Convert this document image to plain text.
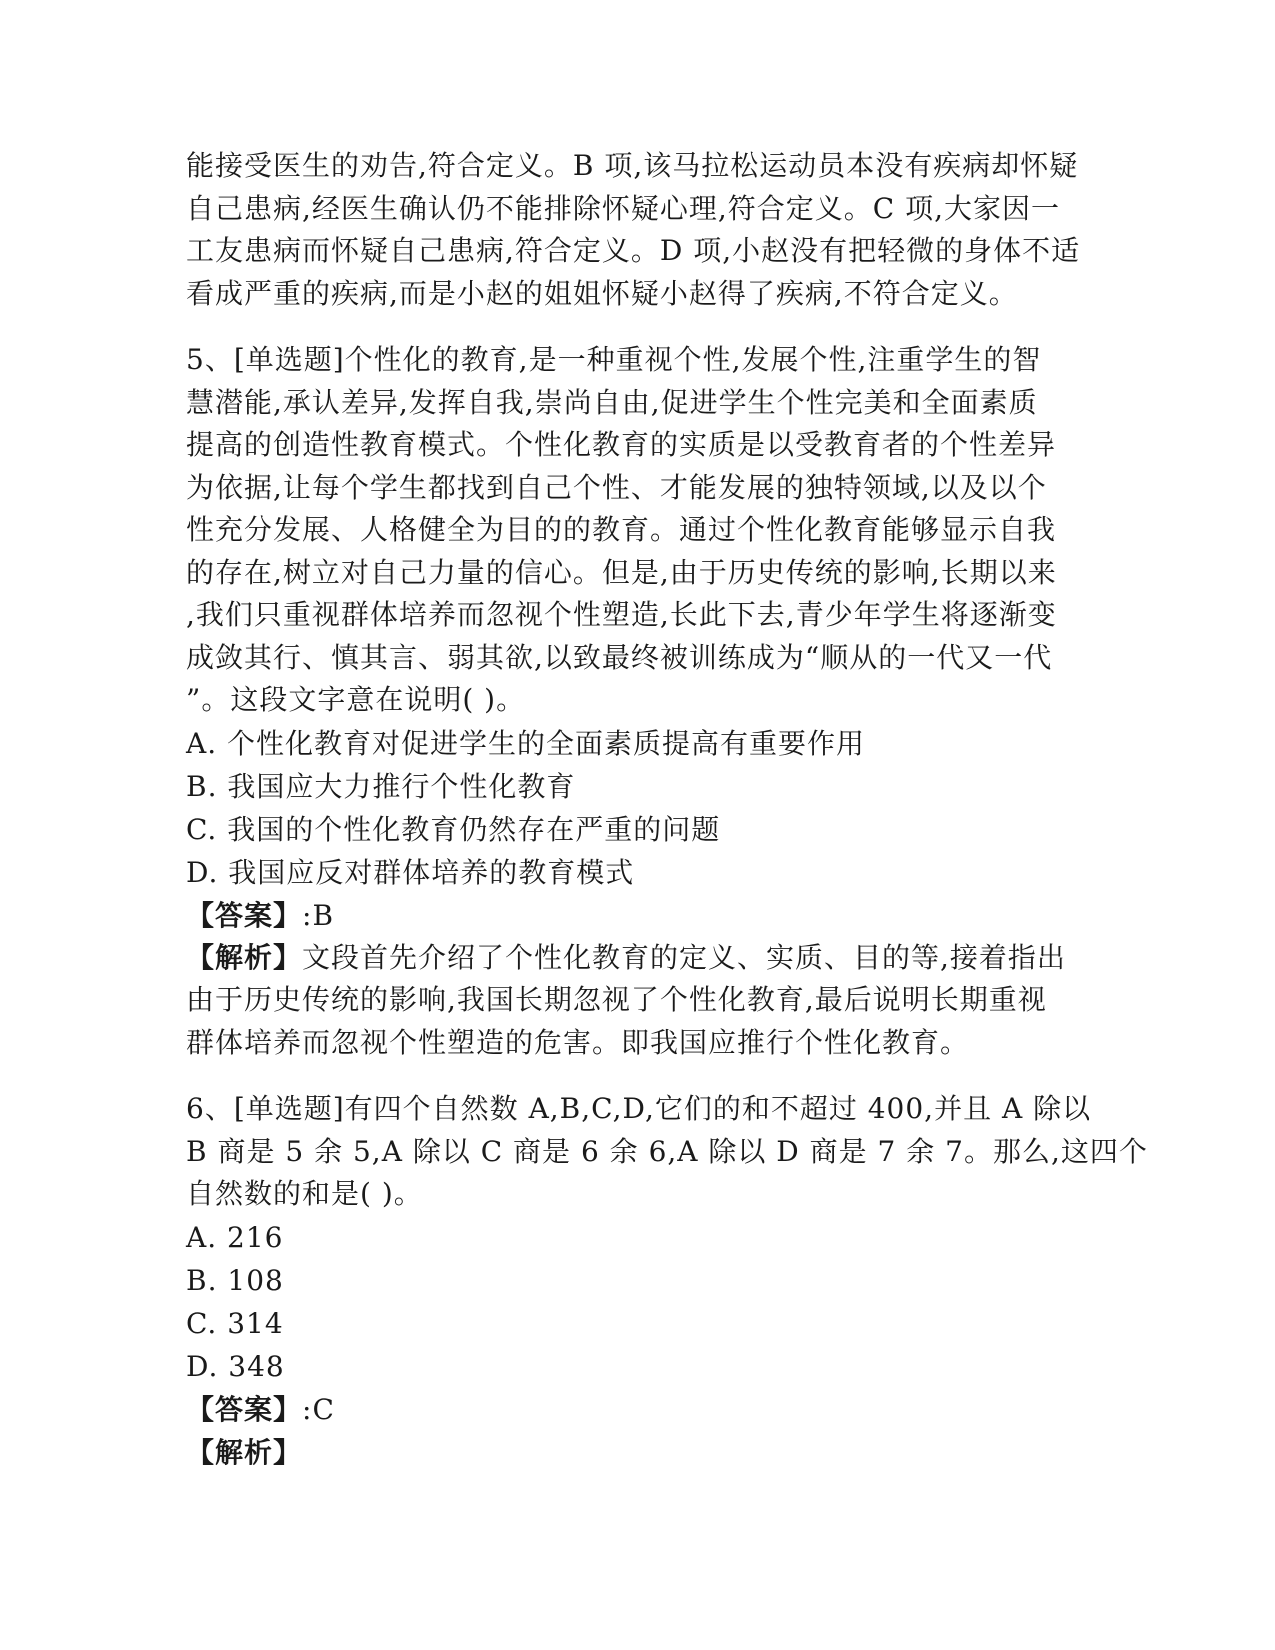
能接受医生的劝告,符合定义。B 项,该马拉松运动员本没有疾病却怀疑
自己患病,经医生确认仍不能排除怀疑心理,符合定义。C 项,大家因一
工友患病而怀疑自己患病,符合定义。D 项,小赵没有把轻微的身体不适
看成严重的疾病,而是小赵的姐姐怀疑小赵得了疾病,不符合定义。
5、[单选题]个性化的教育,是一种重视个性,发展个性,注重学生的智
慧潜能,承认差异,发挥自我,崇尚自由,促进学生个性完美和全面素质
提高的创造性教育模式。个性化教育的实质是以受教育者的个性差异
为依据,让每个学生都找到自己个性、才能发展的独特领域,以及以个
性充分发展、人格健全为目的的教育。通过个性化教育能够显示自我
的存在,树立对自己力量的信心。但是,由于历史传统的影响,长期以来
,我们只重视群体培养而忽视个性塑造,长此下去,青少年学生将逐渐变
成敛其行、慎其言、弱其欲,以致最终被训练成为“顺从的一代又一代
”。这段文字意在说明( )。
A. 个性化教育对促进学生的全面素质提高有重要作用
B. 我国应大力推行个性化教育
C. 我国的个性化教育仍然存在严重的问题
D. 我国应反对群体培养的教育模式
【答案】:B
【解析】文段首先介绍了个性化教育的定义、实质、目的等,接着指出
由于历史传统的影响,我国长期忽视了个性化教育,最后说明长期重视
群体培养而忽视个性塑造的危害。即我国应推行个性化教育。
6、[单选题]有四个自然数 A,B,C,D,它们的和不超过 400,并且 A 除以
B 商是 5 余 5,A 除以 C 商是 6 余 6,A 除以 D 商是 7 余 7。那么,这四个
自然数的和是( )。
A. 216
B. 108
C. 314
D. 348
【答案】:C
【解析】
